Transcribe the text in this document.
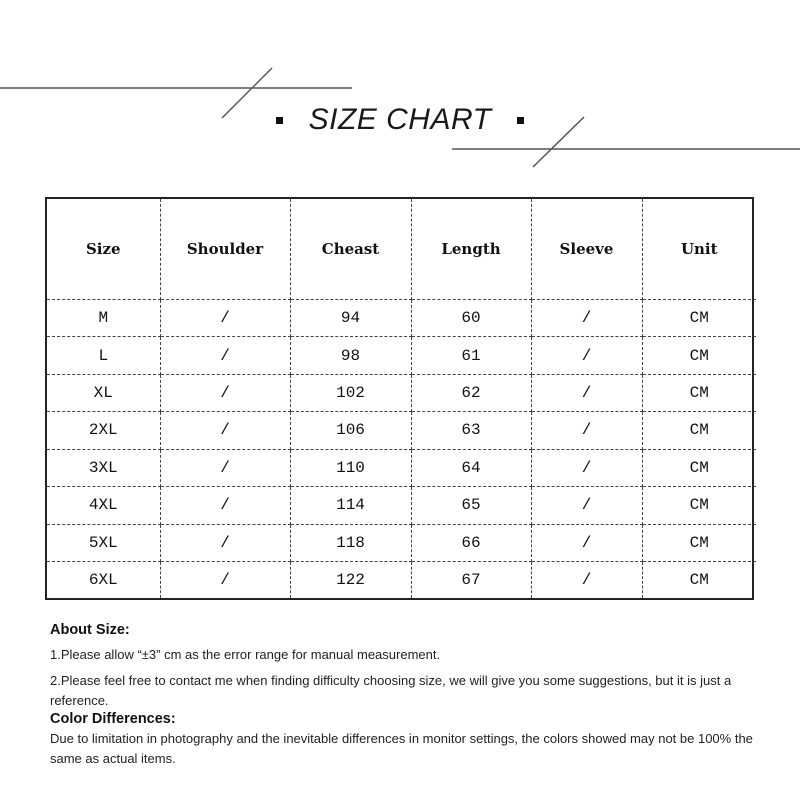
SIZE CHART
Size	Shoulder	Cheast	Length	Sleeve	Unit
M	/	94	60	/	CM
L	/	98	61	/	CM
XL	/	102	62	/	CM
2XL	/	106	63	/	CM
3XL	/	110	64	/	CM
4XL	/	114	65	/	CM
5XL	/	118	66	/	CM
6XL	/	122	67	/	CM

About Size:

1.Please allow “±3” cm as the error range for manual measurement.

2.Please feel free to contact me when finding difficulty choosing size, we will give you some suggestions, but it is just a reference.

Color Differences:

Due to limitation in photography and the inevitable differences in monitor settings, the colors showed may not be 100% the same as actual items.
